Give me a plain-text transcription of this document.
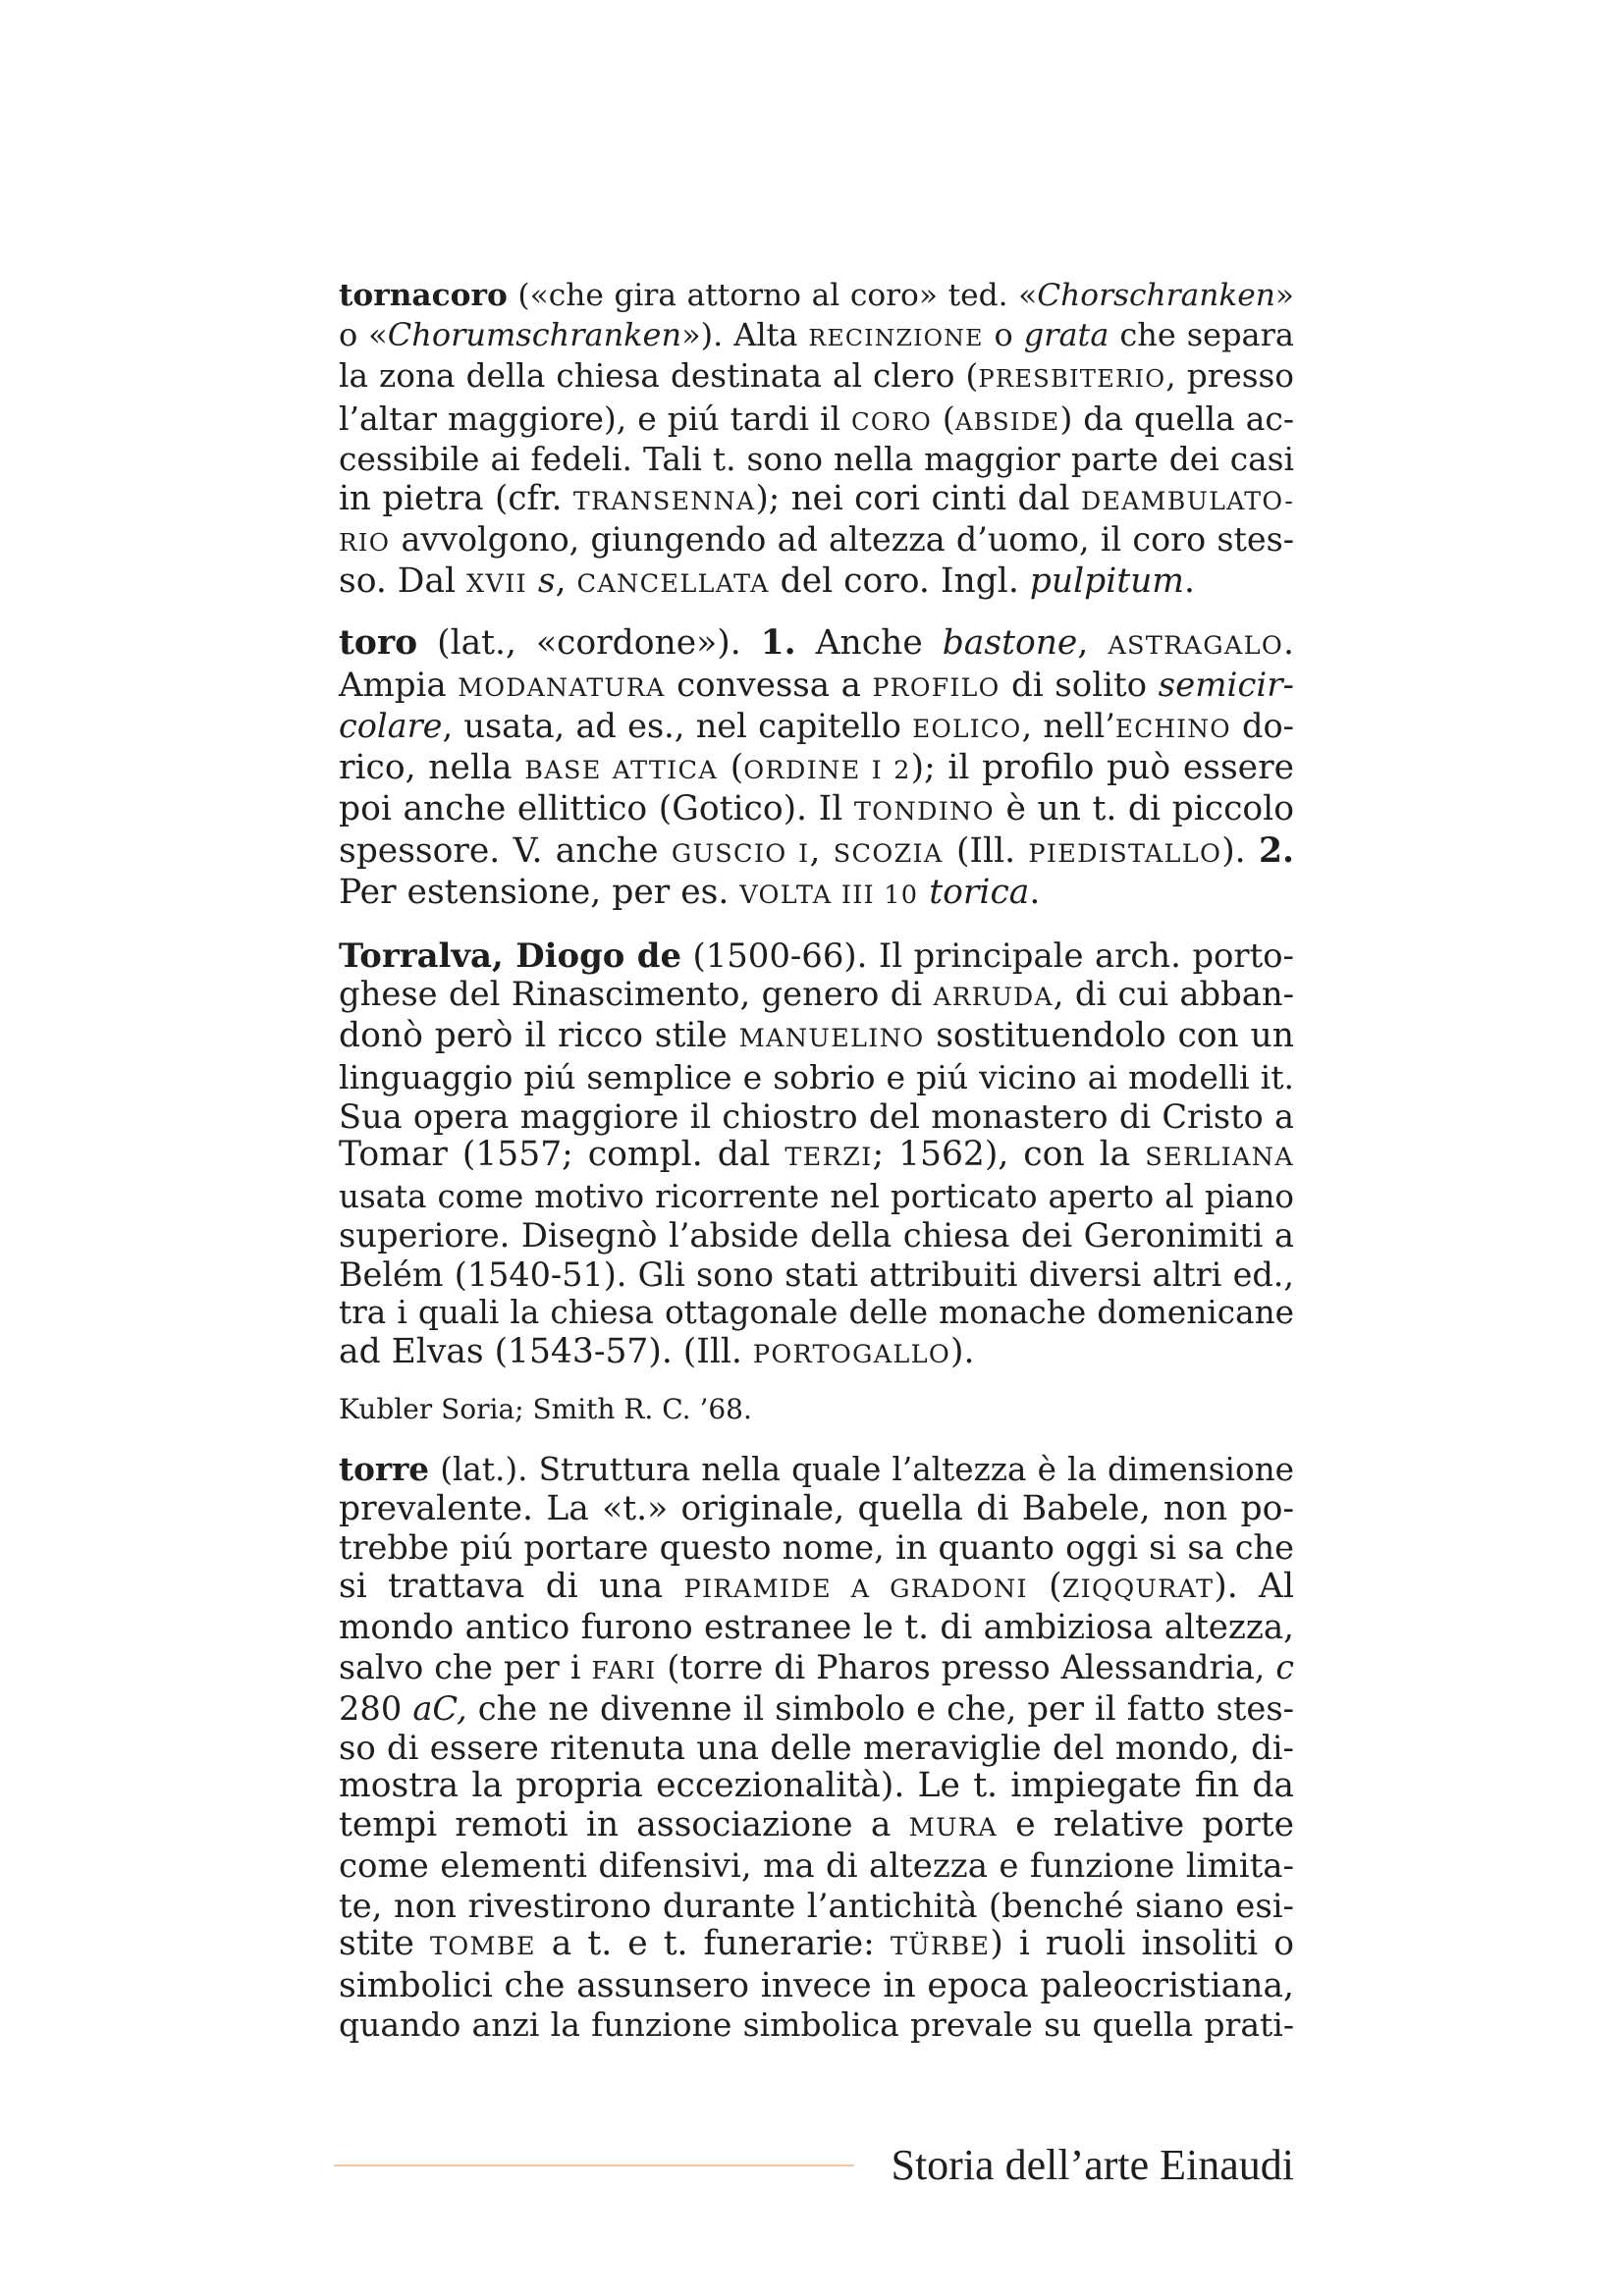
tornacoro («che gira attorno al coro» ted. «Chorschranken»
o «Chorumschranken»). Alta RECINZIONE o grata che separa
la zona della chiesa destinata al clero (PRESBITERIO, presso
l’altar maggiore), e piú tardi il CORO (ABSIDE) da quella ac-
cessibile ai fedeli. Tali t. sono nella maggior parte dei casi
in pietra (cfr. TRANSENNA); nei cori cinti dal DEAMBULATO-
RIO avvolgono, giungendo ad altezza d’uomo, il coro stes-
so. Dal XVII s, CANCELLATA del coro. Ingl. pulpitum.
toro (lat., «cordone»). 1. Anche bastone, ASTRAGALO.
Ampia MODANATURA convessa a PROFILO di solito semicir-
colare, usata, ad es., nel capitello EOLICO, nell’ECHINO do-
rico, nella BASE ATTICA (ORDINE I 2); il profilo può essere
poi anche ellittico (Gotico). Il TONDINO è un t. di piccolo
spessore. V. anche GUSCIO I, SCOZIA (Ill. PIEDISTALLO). 2.
Per estensione, per es. VOLTA III 10 torica.
Torralva, Diogo de (1500-66). Il principale arch. porto-
ghese del Rinascimento, genero di ARRUDA, di cui abban-
donò però il ricco stile MANUELINO sostituendolo con un
linguaggio piú semplice e sobrio e piú vicino ai modelli it.
Sua opera maggiore il chiostro del monastero di Cristo a
Tomar (1557; compl. dal TERZI; 1562), con la SERLIANA
usata come motivo ricorrente nel porticato aperto al piano
superiore. Disegnò l’abside della chiesa dei Geronimiti a
Belém (1540-51). Gli sono stati attribuiti diversi altri ed.,
tra i quali la chiesa ottagonale delle monache domenicane
ad Elvas (1543-57). (Ill. PORTOGALLO).
Kubler Soria; Smith R. C. ’68.
torre (lat.). Struttura nella quale l’altezza è la dimensione
prevalente. La «t.» originale, quella di Babele, non po-
trebbe piú portare questo nome, in quanto oggi si sa che
si trattava di una PIRAMIDE A GRADONI (ZIQQURAT). Al
mondo antico furono estranee le t. di ambiziosa altezza,
salvo che per i FARI (torre di Pharos presso Alessandria, c
280 aC, che ne divenne il simbolo e che, per il fatto stes-
so di essere ritenuta una delle meraviglie del mondo, di-
mostra la propria eccezionalità). Le t. impiegate fin da
tempi remoti in associazione a MURA e relative porte
come elementi difensivi, ma di altezza e funzione limita-
te, non rivestirono durante l’antichità (benché siano esi-
stite TOMBE a t. e t. funerarie: TÜRBE) i ruoli insoliti o
simbolici che assunsero invece in epoca paleocristiana,
quando anzi la funzione simbolica prevale su quella prati-
Storia dell’arte Einaudi
